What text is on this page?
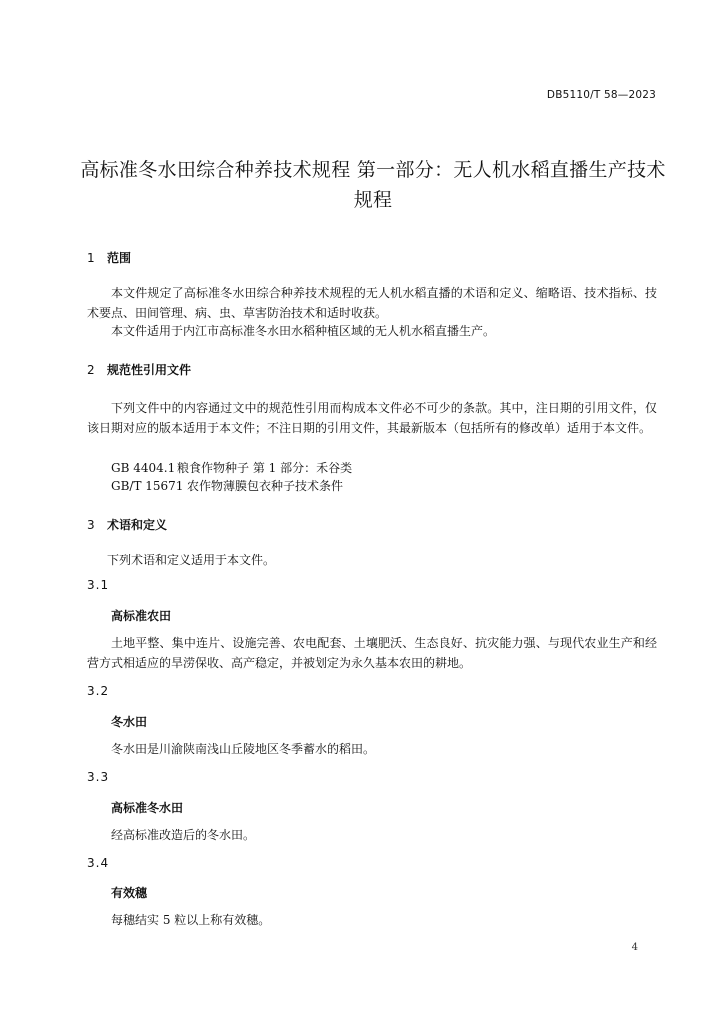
DB5110/T 58—2023
高标准冬水田综合种养技术规程 第一部分：无人机水稻直播生产技术规程
1 范围
本文件规定了高标准冬水田综合种养技术规程的无人机水稻直播的术语和定义、缩略语、技术指标、技术要点、田间管理、病、虫、草害防治技术和适时收获。
本文件适用于内江市高标准冬水田水稻种植区域的无人机水稻直播生产。
2 规范性引用文件
下列文件中的内容通过文中的规范性引用而构成本文件必不可少的条款。其中，注日期的引用文件，仅该日期对应的版本适用于本文件；不注日期的引用文件，其最新版本（包括所有的修改单）适用于本文件。
GB 4404.1 粮食作物种子 第 1 部分：禾谷类
GB/T 15671 农作物薄膜包衣种子技术条件
3 术语和定义
下列术语和定义适用于本文件。
3.1
高标准农田
土地平整、集中连片、设施完善、农电配套、土壤肥沃、生态良好、抗灾能力强、与现代农业生产和经营方式相适应的旱涝保收、高产稳定，并被划定为永久基本农田的耕地。
3.2
冬水田
冬水田是川渝陕南浅山丘陵地区冬季蓄水的稻田。
3.3
高标准冬水田
经高标准改造后的冬水田。
3.4
有效穗
每穗结实 5 粒以上称有效穗。
4
